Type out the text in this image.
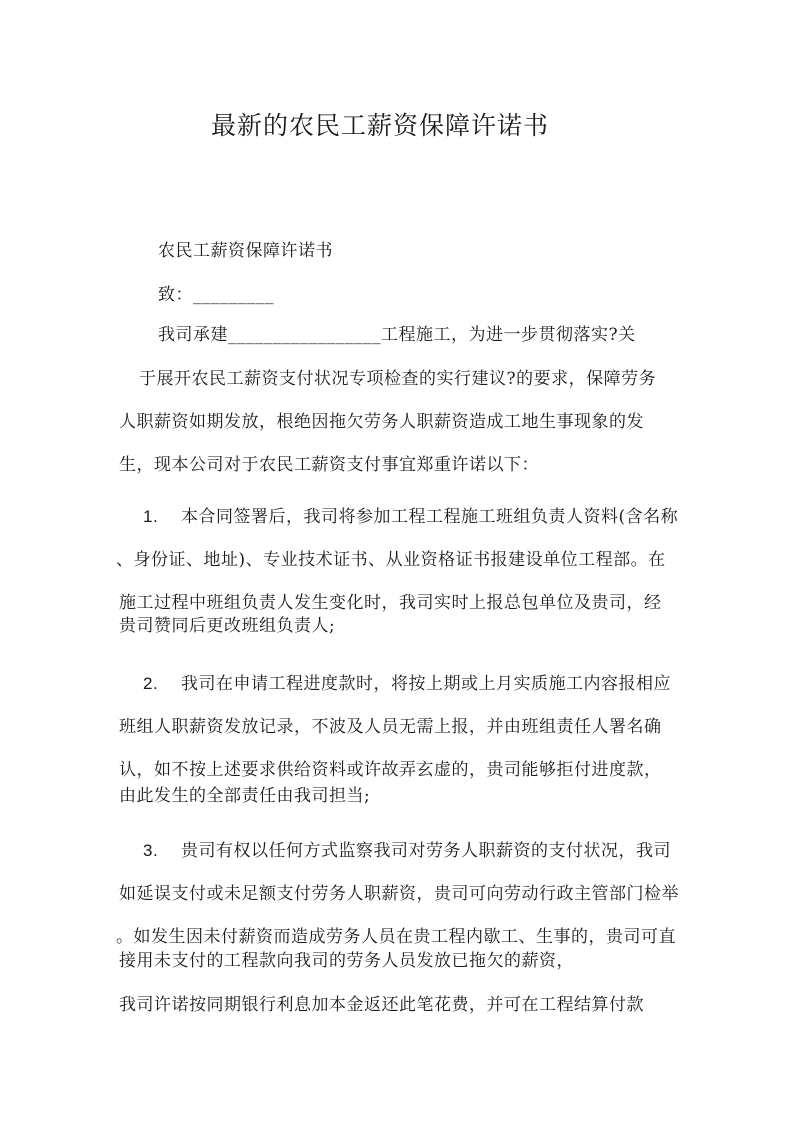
最新的农民工薪资保障许诺书

农民工薪资保障许诺书

致：_________

我司承建_________________工程施工，为进一步贯彻落实?关

于展开农民工薪资支付状况专项检查的实行建议?的要求，保障劳务

人职薪资如期发放，根绝因拖欠劳务人职薪资造成工地生事现象的发

生，现本公司对于农民工薪资支付事宜郑重许诺以下：

1. 本合同签署后，我司将参加工程工程施工班组负责人资料(含名称

、身份证、地址)、专业技术证书、从业资格证书报建设单位工程部。在

施工过程中班组负责人发生变化时，我司实时上报总包单位及贵司，经

贵司赞同后更改班组负责人;

2. 我司在申请工程进度款时，将按上期或上月实质施工内容报相应

班组人职薪资发放记录，不波及人员无需上报，并由班组责任人署名确

认，如不按上述要求供给资料或许故弄玄虚的，贵司能够拒付进度款，

由此发生的全部责任由我司担当;

3. 贵司有权以任何方式监察我司对劳务人职薪资的支付状况，我司

如延误支付或未足额支付劳务人职薪资，贵司可向劳动行政主管部门检举

。如发生因未付薪资而造成劳务人员在贵工程内歇工、生事的，贵司可直

接用未支付的工程款向我司的劳务人员发放已拖欠的薪资，

我司许诺按同期银行利息加本金返还此笔花费，并可在工程结算付款
